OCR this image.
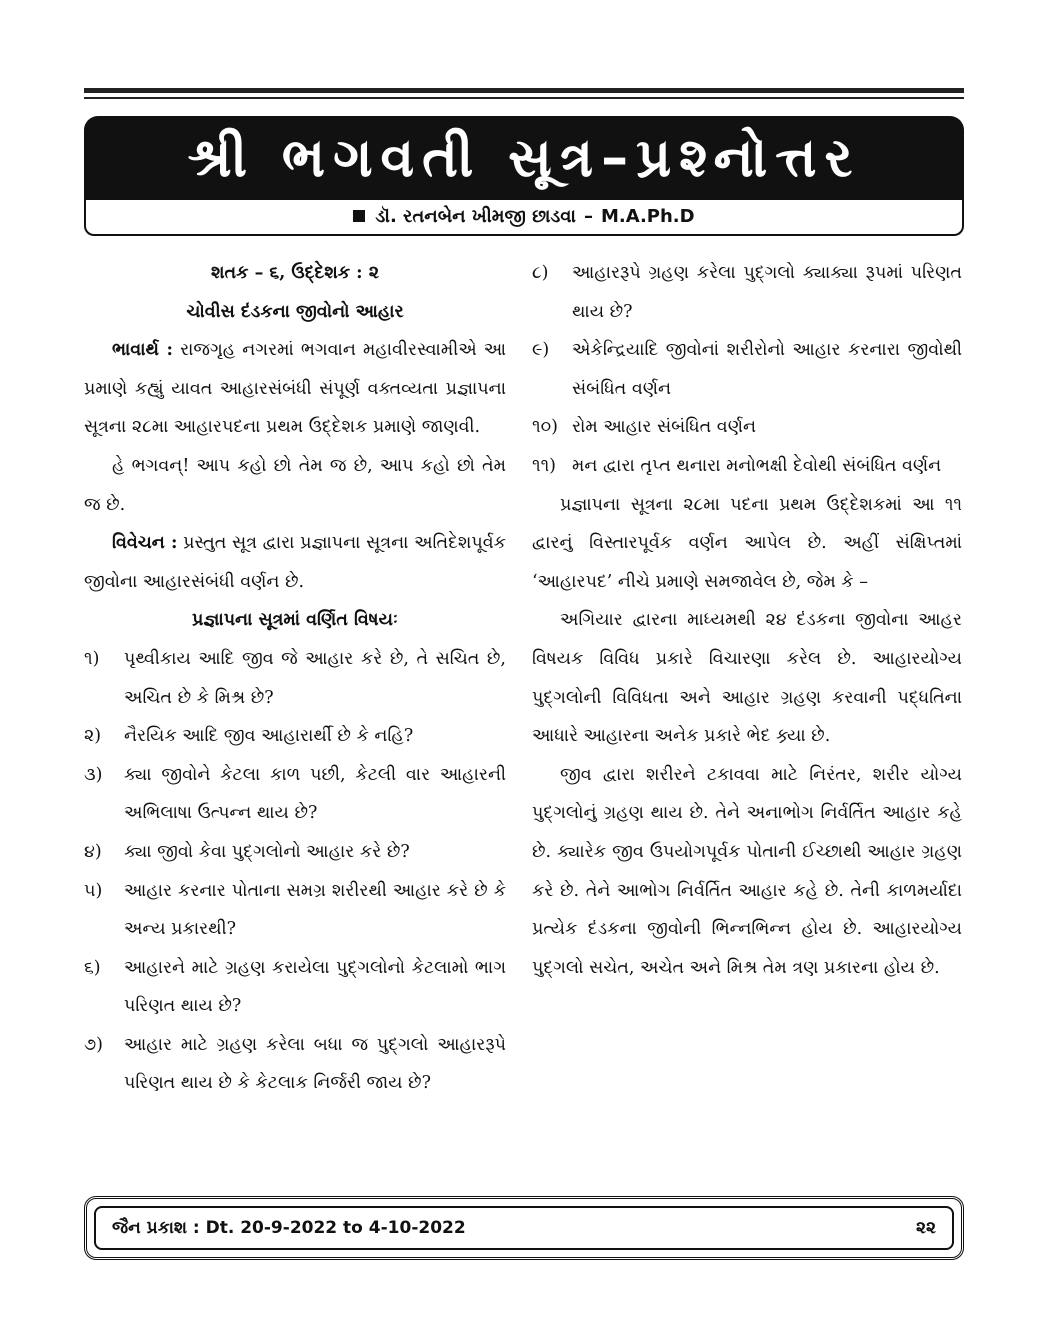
શ્રી ભગવતી સૂત્ર–પ્રશ્નોત્તર
ડૉ. રતનબેન ખીમજી છાડવા – M.A.Ph.D

શતક – ૬, ઉદ્દેશક : ૨

ચોવીસ દંડકના જીવોનો આહાર

ભાવાર્થ : રાજગૃહ નગરમાં ભગવાન મહાવીરસ્વામીએ આ પ્રમાણે કહ્યું યાવત આહારસંબંધી સંપૂર્ણ વક્તવ્યતા પ્રજ્ઞાપના સૂત્રના ૨૮મા આહારપદના પ્રથમ ઉદ્દેશક પ્રમાણે જાણવી.

હે ભગવન્! આપ કહો છો તેમ જ છે, આપ કહો છો તેમ જ છે.

વિવેચન : પ્રસ્તુત સૂત્ર દ્વારા પ્રજ્ઞાપના સૂત્રના અતિદેશપૂર્વક જીવોના આહારસંબંધી વર્ણન છે.

પ્રજ્ઞાપના સૂત્રમાં વર્ણિત વિષયઃ

૧)	પૃથ્વીકાય આદિ જીવ જે આહાર કરે છે, તે સચિત છે, અચિત છે કે મિશ્ર છે?
૨)	નૈરયિક આદિ જીવ આહારાર્થી છે કે નહિ?
૩)	ક્યા જીવોને કેટલા કાળ પછી, કેટલી વાર આહારની અભિલાષા ઉત્પન્ન થાય છે?
૪)	ક્યા જીવો કેવા પુદ્ગલોનો આહાર કરે છે?
૫)	આહાર કરનાર પોતાના સમગ્ર શરીરથી આહાર કરે છે કે અન્ય પ્રકારથી?
૬)	આહારને માટે ગ્રહણ કરાયેલા પુદ્ગલોનો કેટલામો ભાગ પરિણત થાય છે?
૭)	આહાર માટે ગ્રહણ કરેલા બધા જ પુદ્ગલો આહારરૂપે પરિણત થાય છે કે કેટલાક નિર્જરી જાય છે?
૮)	આહારરૂપે ગ્રહણ કરેલા પુદ્ગલો ક્યાક્યા રૂપમાં પરિણત થાય છે?
૯)	એકેન્દ્રિયાદિ જીવોનાં શરીરોનો આહાર કરનારા જીવોથી સંબંધિત વર્ણન
૧૦) રોમ આહાર સંબંધિત વર્ણન
૧૧) મન દ્વારા તૃપ્ત થનારા મનોભક્ષી દેવોથી સંબંધિત વર્ણન

પ્રજ્ઞાપના સૂત્રના ૨૮મા પદના પ્રથમ ઉદ્દેશકમાં આ ૧૧ દ્વારનું વિસ્તારપૂર્વક વર્ણન આપેલ છે. અહીં સંક્ષિપ્તમાં ‘આહારપદ’ નીચે પ્રમાણે સમજાવેલ છે, જેમ કે –

અગિયાર દ્વારના માધ્યમથી ૨૪ દંડકના જીવોના આહર વિષયક વિવિધ પ્રકારે વિચારણા કરેલ છે. આહારયોગ્ય પુદ્ગલોની વિવિધતા અને આહાર ગ્રહણ કરવાની પદ્ધતિના આધારે આહારના અનેક પ્રકારે ભેદ ક્ર્યા છે.

જીવ દ્વારા શરીરને ટકાવવા માટે નિરંતર, શરીર યોગ્ય પુદ્ગલોનું ગ્રહણ થાય છે. તેને અનાભોગ નિર્વર્તિત આહાર કહે છે. ક્યારેક જીવ ઉપયોગપૂર્વક પોતાની ઈચ્છાથી આહાર ગ્રહણ કરે છે. તેને આભોગ નિર્વર્તિત આહાર કહે છે. તેની કાળમર્યાદા પ્રત્યેક દંડકના જીવોની ભિન્નભિન્ન હોય છે. આહારયોગ્ય પુદ્ગલો સચેત, અચેત અને મિશ્ર તેમ ત્રણ પ્રકારના હોય છે.

જૈન પ્રકાશ : Dt. 20-9-2022 to 4-10-2022	૨૨
